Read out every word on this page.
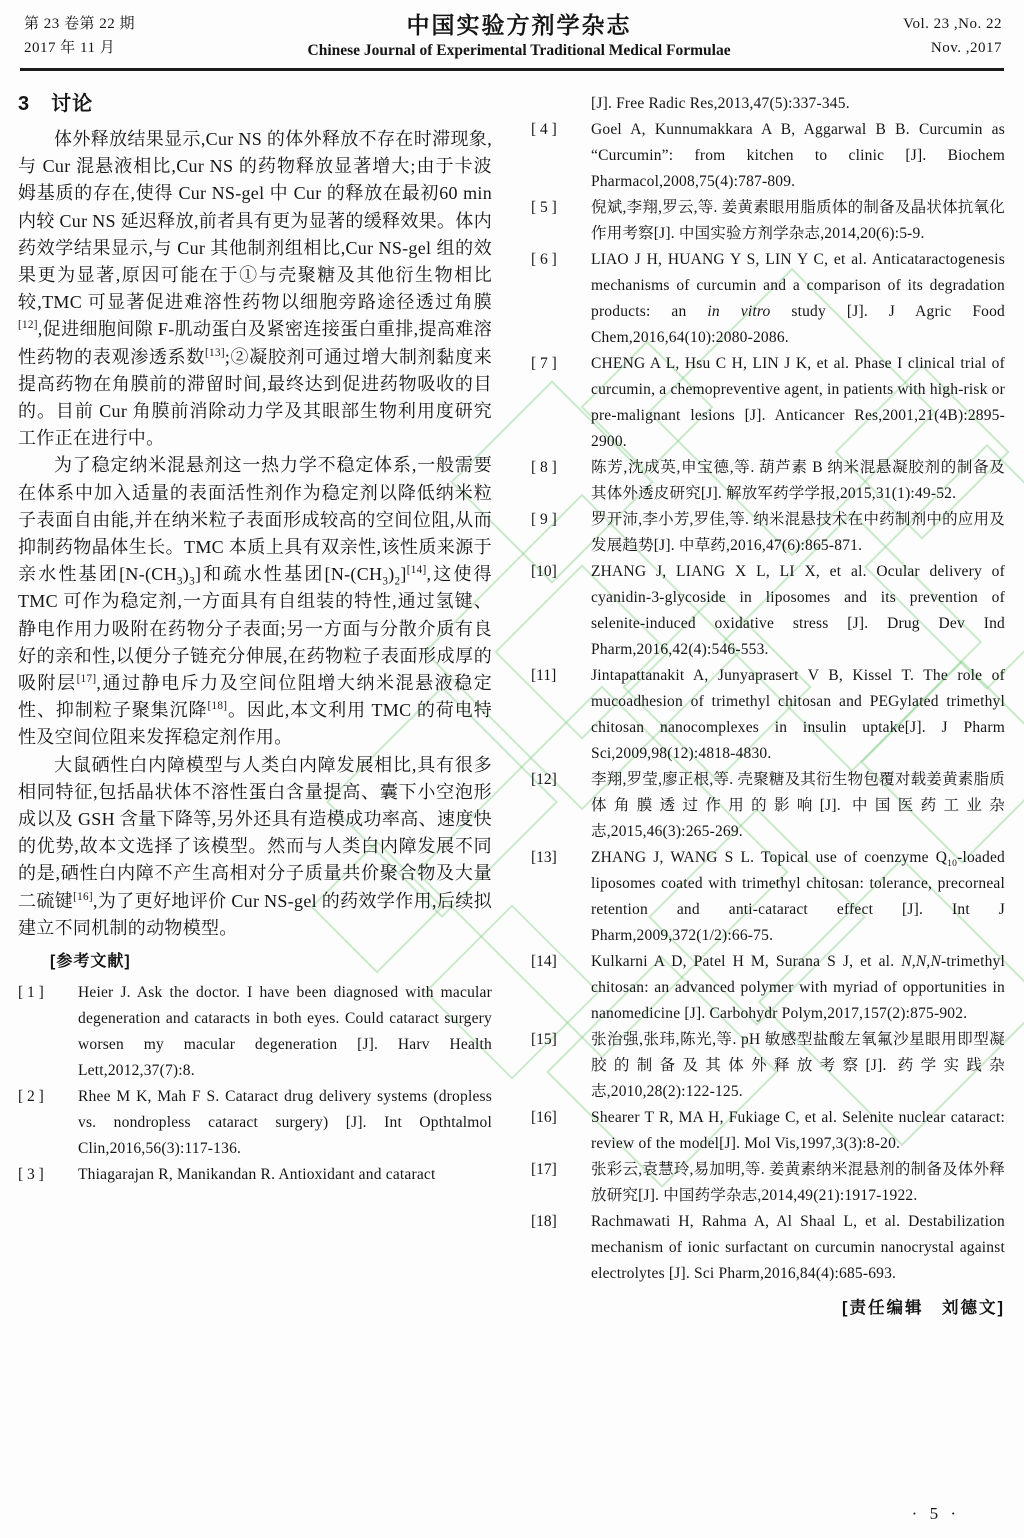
第 23 卷第 22 期
2017 年 11 月
中国实验方剂学杂志
Chinese Journal of Experimental Traditional Medical Formulae
Vol. 23 ,No. 22
Nov. ,2017
3　讨论

体外释放结果显示,Cur NS 的体外释放不存在时滞现象,与 Cur 混悬液相比,Cur NS 的药物释放显著增大;由于卡波姆基质的存在,使得 Cur NS-gel 中 Cur 的释放在最初60 min 内较 Cur NS 延迟释放,前者具有更为显著的缓释效果。体内药效学结果显示,与 Cur 其他制剂组相比,Cur NS-gel 组的效果更为显著,原因可能在于①与壳聚糖及其他衍生物相比较,TMC 可显著促进难溶性药物以细胞旁路途径透过角膜[12],促进细胞间隙 F-肌动蛋白及紧密连接蛋白重排,提高难溶性药物的表观渗透系数[13];②凝胶剂可通过增大制剂黏度来提高药物在角膜前的滞留时间,最终达到促进药物吸收的目的。目前 Cur 角膜前消除动力学及其眼部生物利用度研究工作正在进行中。

为了稳定纳米混悬剂这一热力学不稳定体系,一般需要在体系中加入适量的表面活性剂作为稳定剂以降低纳米粒子表面自由能,并在纳米粒子表面形成较高的空间位阻,从而抑制药物晶体生长。TMC 本质上具有双亲性,该性质来源于亲水性基团$[N-(CH_3)_3]$和疏水性基团$[N-(CH_3)_2][14]$,这使得 TMC 可作为稳定剂,一方面具有自组装的特性,通过氢键、静电作用力吸附在药物分子表面;另一方面与分散介质有良好的亲和性,以便分子链充分伸展,在药物粒子表面形成厚的吸附层[17],通过静电斥力及空间位阻增大纳米混悬液稳定性、抑制粒子聚集沉降[18]。因此,本文利用 TMC 的荷电特性及空间位阻来发挥稳定剂作用。

大鼠硒性白内障模型与人类白内障发展相比,具有很多相同特征,包括晶状体不溶性蛋白含量提高、囊下小空泡形成以及 GSH 含量下降等,另外还具有造模成功率高、速度快的优势,故本文选择了该模型。然而与人类白内障发展不同的是,硒性白内障不产生高相对分子质量共价聚合物及大量二硫键[16],为了更好地评价 Cur NS-gel 的药效学作用,后续拟建立不同机制的动物模型。

[参考文献]
[ 1 ]	Heier J. Ask the doctor. I have been diagnosed with macular degeneration and cataracts in both eyes. Could cataract surgery worsen my macular degeneration [J]. Harv Health Lett,2012,37(7):8.
[ 2 ]	Rhee M K, Mah F S. Cataract drug delivery systems (dropless vs. nondropless cataract surgery) [J]. Int Opthtalmol Clin,2016,56(3):117-136.
[ 3 ]	Thiagarajan R, Manikandan R. Antioxidant and cataract
[J]. Free Radic Res,2013,47(5):337-345.
[ 4 ]	Goel A, Kunnumakkara A B, Aggarwal B B. Curcumin as “Curcumin”: from kitchen to clinic [J]. Biochem Pharmacol,2008,75(4):787-809.
[ 5 ]	倪斌,李翔,罗云,等. 姜黄素眼用脂质体的制备及晶状体抗氧化作用考察[J]. 中国实验方剂学杂志,2014,20(6):5-9.
[ 6 ]	LIAO J H, HUANG Y S, LIN Y C, et al. Anticataractogenesis mechanisms of curcumin and a comparison of its degradation products: an in vitro study [J]. J Agric Food Chem,2016,64(10):2080-2086.
[ 7 ]	CHENG A L, Hsu C H, LIN J K, et al. Phase I clinical trial of curcumin, a chemopreventive agent, in patients with high-risk or pre-malignant lesions [J]. Anticancer Res,2001,21(4B):2895-2900.
[ 8 ]	陈芳,沈成英,申宝德,等. 葫芦素 B 纳米混悬凝胶剂的制备及其体外透皮研究[J]. 解放军药学学报,2015,31(1):49-52.
[ 9 ]	罗开沛,李小芳,罗佳,等. 纳米混悬技术在中药制剂中的应用及发展趋势[J]. 中草药,2016,47(6):865-871.
[10]	ZHANG J, LIANG X L, LI X, et al. Ocular delivery of cyanidin-3-glycoside in liposomes and its prevention of selenite-induced oxidative stress [J]. Drug Dev Ind Pharm,2016,42(4):546-553.
[11]	Jintapattanakit A, Junyaprasert V B, Kissel T. The role of mucoadhesion of trimethyl chitosan and PEGylated trimethyl chitosan nanocomplexes in insulin uptake[J]. J Pharm Sci,2009,98(12):4818-4830.
[12]	李翔,罗莹,廖正根,等. 壳聚糖及其衍生物包覆对载姜黄素脂质体角膜透过作用的影响[J]. 中国医药工业杂志,2015,46(3):265-269.
[13]	ZHANG J, WANG S L. Topical use of coenzyme $Q_{10}$-loaded liposomes coated with trimethyl chitosan: tolerance, precorneal retention and anti-cataract effect [J]. Int J Pharm,2009,372(1/2):66-75.
[14]	Kulkarni A D, Patel H M, Surana S J, et al. N,N,N-trimethyl chitosan: an advanced polymer with myriad of opportunities in nanomedicine [J]. Carbohydr Polym,2017,157(2):875-902.
[15]	张治强,张玮,陈光,等. pH 敏感型盐酸左氧氟沙星眼用即型凝胶的制备及其体外释放考察[J]. 药学实践杂志,2010,28(2):122-125.
[16]	Shearer T R, MA H, Fukiage C, et al. Selenite nuclear cataract: review of the model[J]. Mol Vis,1997,3(3):8-20.
[17]	张彩云,袁慧玲,易加明,等. 姜黄素纳米混悬剂的制备及体外释放研究[J]. 中国药学杂志,2014,49(21):1917-1922.
[18]	Rachmawati H, Rahma A, Al Shaal L, et al. Destabilization mechanism of ionic surfactant on curcumin nanocrystal against electrolytes [J]. Sci Pharm,2016,84(4):685-693.
[责任编辑　刘德文]
· 5 ·
